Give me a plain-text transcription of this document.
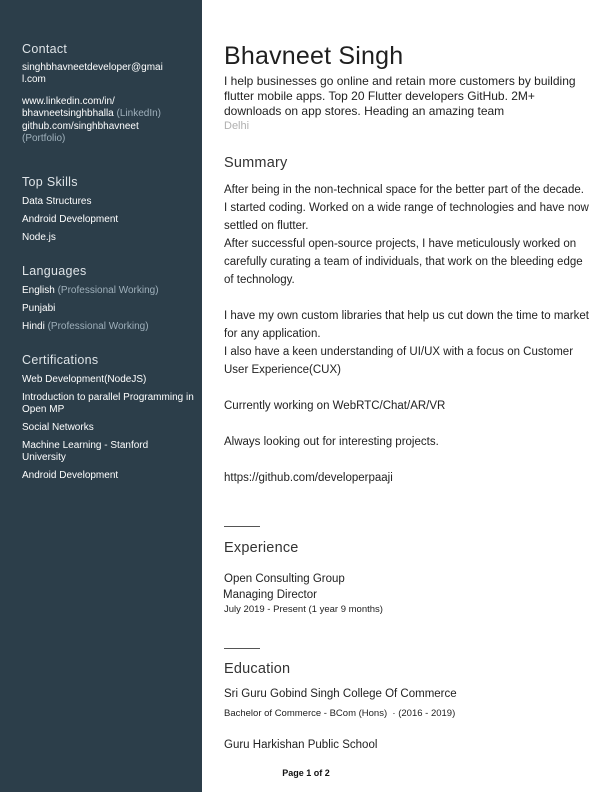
Contact
singhbhavneetdeveloper@gmai
l.com
www.linkedin.com/in/
bhavneetsinghbhalla (LinkedIn)
github.com/singhbhavneet
(Portfolio)
Top Skills
Data Structures
Android Development
Node.js
Languages
English (Professional Working)
Punjabi
Hindi (Professional Working)
Certifications
Web Development(NodeJS)
Introduction to parallel Programming in Open MP
Social Networks
Machine Learning - Stanford University
Android Development
Bhavneet Singh
I help businesses go online and retain more customers by building flutter mobile apps. Top 20 Flutter developers GitHub. 2M+ downloads on app stores. Heading an amazing team
Delhi
Summary
After being in the non-technical space for the better part of the decade.
I started coding. Worked on a wide range of technologies and have now settled on flutter.
After successful open-source projects, I have meticulously worked on carefully curating a team of individuals, that work on the bleeding edge of technology.
I have my own custom libraries that help us cut down the time to market for any application.
I also have a keen understanding of UI/UX with a focus on Customer User Experience(CUX)
Currently working on WebRTC/Chat/AR/VR
Always looking out for interesting projects.
https://github.com/developerpaaji
Experience
Open Consulting Group
Managing Director
July 2019 - Present (1 year 9 months)
Education
Sri Guru Gobind Singh College Of Commerce
Bachelor of Commerce - BCom (Hons)  · (2016 - 2019)
Guru Harkishan Public School
Page 1 of 2
